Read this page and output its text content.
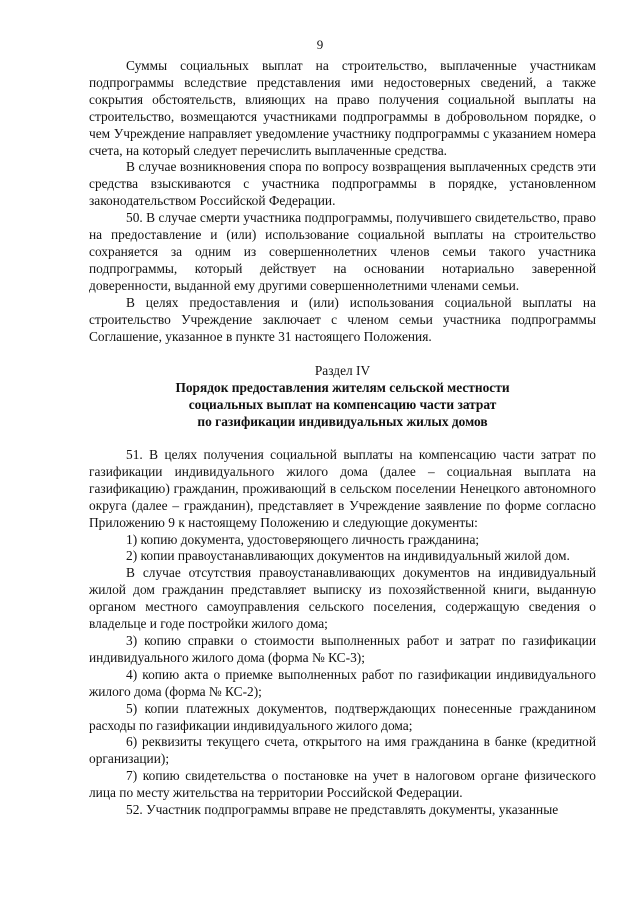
9

Суммы социальных выплат на строительство, выплаченные участникам подпрограммы вследствие представления ими недостоверных сведений, а также сокрытия обстоятельств, влияющих на право получения социальной выплаты на строительство, возмещаются участниками подпрограммы в добровольном порядке, о чем Учреждение направляет уведомление участнику подпрограммы с указанием номера счета, на который следует перечислить выплаченные средства.

В случае возникновения спора по вопросу возвращения выплаченных средств эти средства взыскиваются с участника подпрограммы в порядке, установленном законодательством Российской Федерации.

50. В случае смерти участника подпрограммы, получившего свидетельство, право на предоставление и (или) использование социальной выплаты на строительство сохраняется за одним из совершеннолетних членов семьи такого участника подпрограммы, который действует на основании нотариально заверенной доверенности, выданной ему другими совершеннолетними членами семьи.

В целях предоставления и (или) использования социальной выплаты на строительство Учреждение заключает с членом семьи участника подпрограммы Соглашение, указанное в пункте 31 настоящего Положения.

Раздел IV

Порядок предоставления жителям сельской местности

социальных выплат на компенсацию части затрат

по газификации индивидуальных жилых домов

51. В целях получения социальной выплаты на компенсацию части затрат по газификации индивидуального жилого дома (далее – социальная выплата на газификацию) гражданин, проживающий в сельском поселении Ненецкого автономного округа (далее – гражданин), представляет в Учреждение заявление по форме согласно Приложению 9 к настоящему Положению и следующие документы:

1) копию документа, удостоверяющего личность гражданина;

2) копии правоустанавливающих документов на индивидуальный жилой дом.

В случае отсутствия правоустанавливающих документов на индивидуальный жилой дом гражданин представляет выписку из похозяйственной книги, выданную органом местного самоуправления сельского поселения, содержащую сведения о владельце и годе постройки жилого дома;

3) копию справки о стоимости выполненных работ и затрат по газификации индивидуального жилого дома (форма № КС-3);

4) копию акта о приемке выполненных работ по газификации индивидуального жилого дома (форма № КС-2);

5) копии платежных документов, подтверждающих понесенные гражданином расходы по газификации индивидуального жилого дома;

6) реквизиты текущего счета, открытого на имя гражданина в банке (кредитной организации);

7) копию свидетельства о постановке на учет в налоговом органе физического лица по месту жительства на территории Российской Федерации.

52. Участник подпрограммы вправе не представлять документы, указанные
